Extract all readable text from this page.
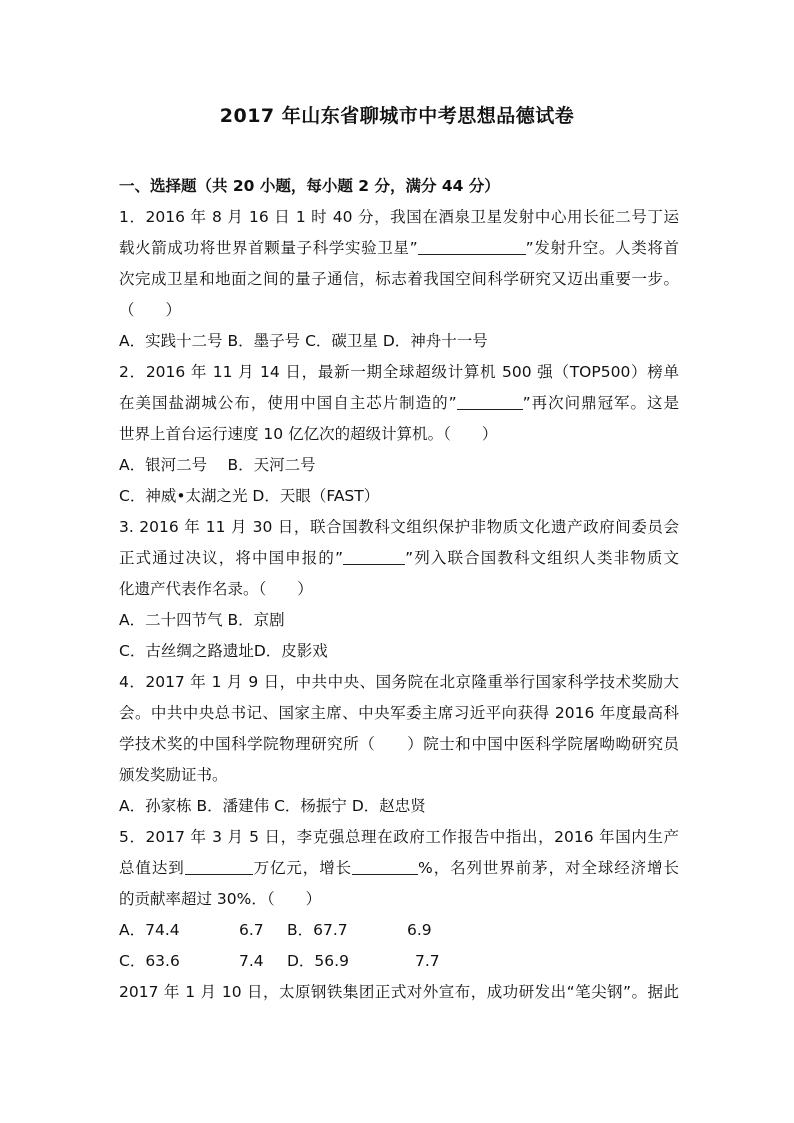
2017 年山东省聊城市中考思想品德试卷
一、选择题（共 20 小题，每小题 2 分，满分 44 分）
1．2016 年 8 月 16 日 1 时 40 分，我国在酒泉卫星发射中心用长征二号丁运
载火箭成功将世界首颗量子科学实验卫星”	”发射升空。人类将首
次完成卫星和地面之间的量子通信，标志着我国空间科学研究又迈出重要一步。
（　　）
A．实践十二号 B．墨子号 C．碳卫星 D．神舟十一号
2．2016 年 11 月 14 日，最新一期全球超级计算机 500 强（TOP500）榜单
在美国盐湖城公布，使用中国自主芯片制造的”	”再次问鼎冠军。这是
世界上首台运行速度 10 亿亿次的超级计算机。（　　）
A．银河二号　 B．天河二号
C．神威•太湖之光 D．天眼（FAST）
3. 2016 年 11 月 30 日，联合国教科文组织保护非物质文化遗产政府间委员会
正式通过决议，将中国申报的”	”列入联合国教科文组织人类非物质文
化遗产代表作名录。（　　）
A．二十四节气 B．京剧
C．古丝绸之路遗址D．皮影戏
4．2017 年 1 月 9 日，中共中央、国务院在北京隆重举行国家科学技术奖励大
会。中共中央总书记、国家主席、中央军委主席习近平向获得 2016 年度最高科
学技术奖的中国科学院物理研究所（　　）院士和中国中医科学院屠呦呦研究员
颁发奖励证书。
A．孙家栋 B．潘建伟 C．杨振宁 D．赵忠贤
5．2017 年 3 月 5 日，李克强总理在政府工作报告中指出，2016 年国内生产
总值达到	万亿元，增长	%，名列世界前茅，对全球经济增长
的贡献率超过 30%．（　　）
A．74.4	6.7 B．67.7	6.9
C．63.6	7.4 D．56.9	7.7
2017 年 1 月 10 日，太原钢铁集团正式对外宣布，成功研发出“笔尖钢”。据此
